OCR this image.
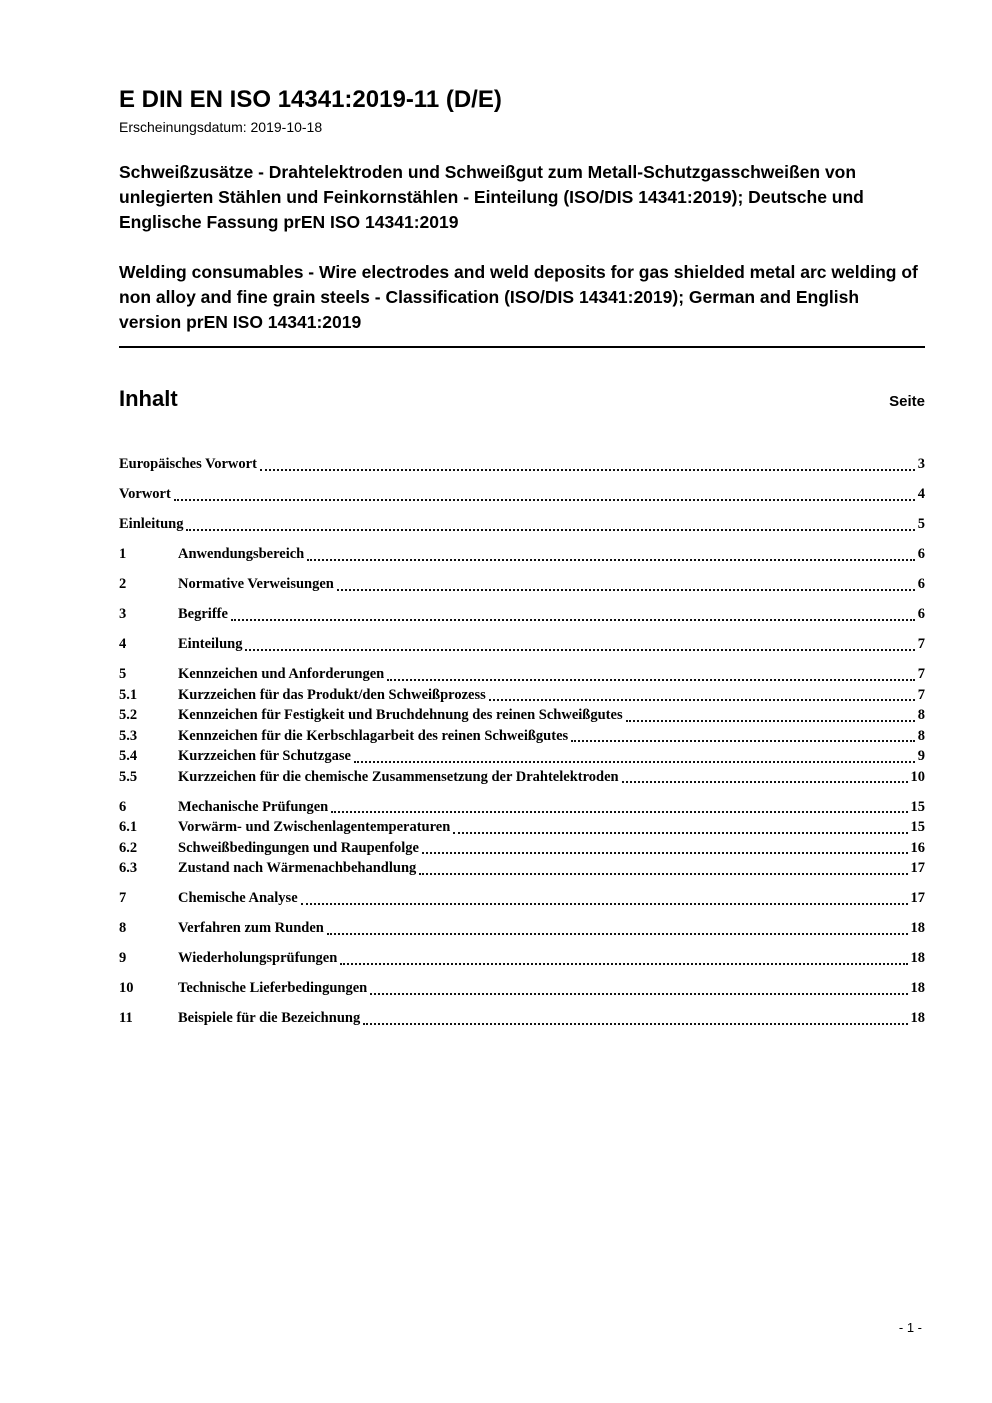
E DIN EN ISO 14341:2019-11 (D/E)
Erscheinungsdatum: 2019-10-18

Schweißzusätze - Drahtelektroden und Schweißgut zum Metall-Schutzgasschweißen von unlegierten Stählen und Feinkornstählen - Einteilung (ISO/DIS 14341:2019); Deutsche und Englische Fassung prEN ISO 14341:2019

Welding consumables - Wire electrodes and weld deposits for gas shielded metal arc welding of non alloy and fine grain steels - Classification (ISO/DIS 14341:2019); German and English version prEN ISO 14341:2019

Inhalt	Seite
Europäisches Vorwort	3
Vorwort	4
Einleitung	5
1	Anwendungsbereich	6
2	Normative Verweisungen	6
3	Begriffe	6
4	Einteilung	7
5	Kennzeichen und Anforderungen	7
5.1	Kurzzeichen für das Produkt/den Schweißprozess	7
5.2	Kennzeichen für Festigkeit und Bruchdehnung des reinen Schweißgutes	8
5.3	Kennzeichen für die Kerbschlagarbeit des reinen Schweißgutes	8
5.4	Kurzzeichen für Schutzgase	9
5.5	Kurzzeichen für die chemische Zusammensetzung der Drahtelektroden	10
6	Mechanische Prüfungen	15
6.1	Vorwärm- und Zwischenlagentemperaturen	15
6.2	Schweißbedingungen und Raupenfolge	16
6.3	Zustand nach Wärmenachbehandlung	17
7	Chemische Analyse	17
8	Verfahren zum Runden	18
9	Wiederholungsprüfungen	18
10	Technische Lieferbedingungen	18
11	Beispiele für die Bezeichnung	18
- 1 -
